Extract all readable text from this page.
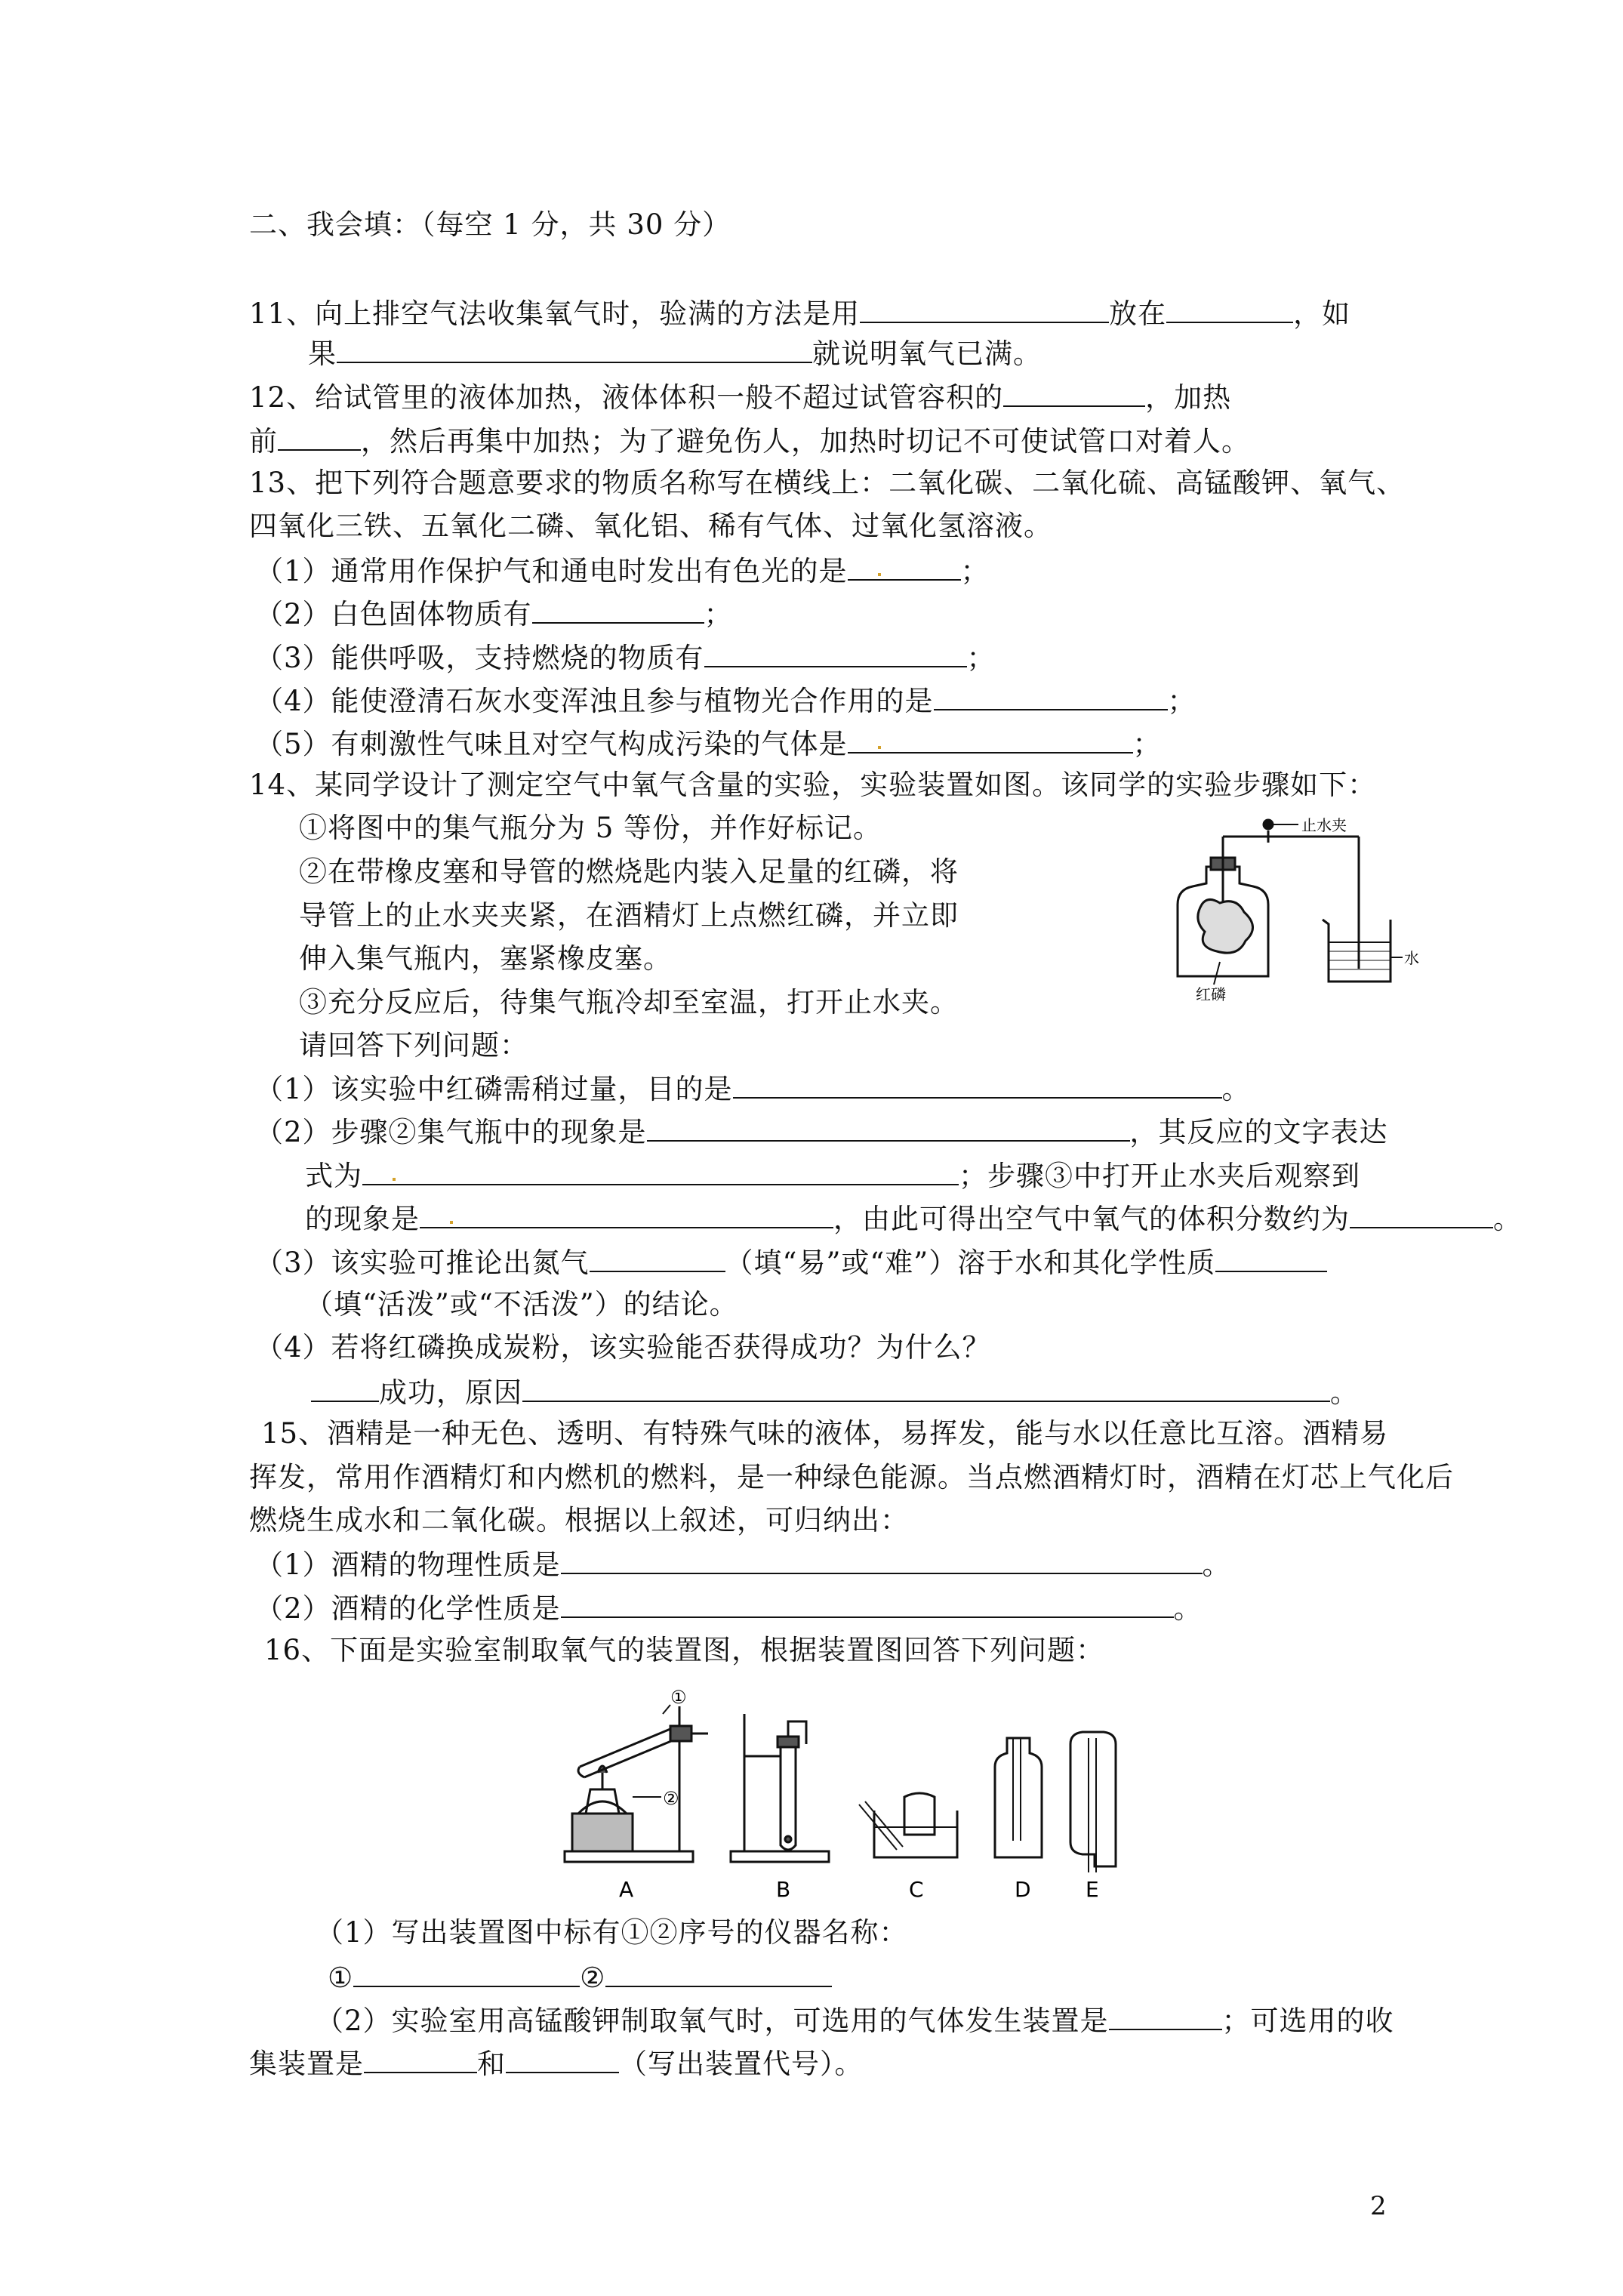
二、我会填：（每空 1 分，共 30 分）
11、向上排空气法收集氧气时，验满的方法是用	放在	，如
果	就说明氧气已满。
12、给试管里的液体加热，液体体积一般不超过试管容积的	，加热
前	，然后再集中加热；为了避免伤人，加热时切记不可使试管口对着人。
13、把下列符合题意要求的物质名称写在横线上：二氧化碳、二氧化硫、高锰酸钾、氧气、
四氧化三铁、五氧化二磷、氧化铝、稀有气体、过氧化氢溶液。
（1）通常用作保护气和通电时发出有色光的是	；
（2）白色固体物质有	；
（3）能供呼吸，支持燃烧的物质有	；
（4）能使澄清石灰水变浑浊且参与植物光合作用的是	；
（5）有刺激性气味且对空气构成污染的气体是	；
14、某同学设计了测定空气中氧气含量的实验，实验装置如图。该同学的实验步骤如下：
①将图中的集气瓶分为 5 等份，并作好标记。
②在带橡皮塞和导管的燃烧匙内装入足量的红磷，将
导管上的止水夹夹紧，在酒精灯上点燃红磷，并立即
伸入集气瓶内，塞紧橡皮塞。
③充分反应后，待集气瓶冷却至室温，打开止水夹。
请回答下列问题：
止水夹
红磷
水
（1）该实验中红磷需稍过量，目的是	。
（2）步骤②集气瓶中的现象是	，其反应的文字表达
式为	；步骤③中打开止水夹后观察到
的现象是	，由此可得出空气中氧气的体积分数约为	。
（3）该实验可推论出氮气	（填“易”或“难”）溶于水和其化学性质
（填“活泼”或“不活泼”）的结论。
（4）若将红磷换成炭粉，该实验能否获得成功？为什么？
成功，原因	。
15、酒精是一种无色、透明、有特殊气味的液体，易挥发，能与水以任意比互溶。酒精易
挥发，常用作酒精灯和内燃机的燃料，是一种绿色能源。当点燃酒精灯时，酒精在灯芯上气化后
燃烧生成水和二氧化碳。根据以上叙述，可归纳出：
（1）酒精的物理性质是	。
（2）酒精的化学性质是	。
16、下面是实验室制取氧气的装置图，根据装置图回答下列问题：
①
②
A	B	C	D	E
（1）写出装置图中标有①②序号的仪器名称：
①	②
（2）实验室用高锰酸钾制取氧气时，可选用的气体发生装置是	；可选用的收
集装置是	和	（写出装置代号）。
2
